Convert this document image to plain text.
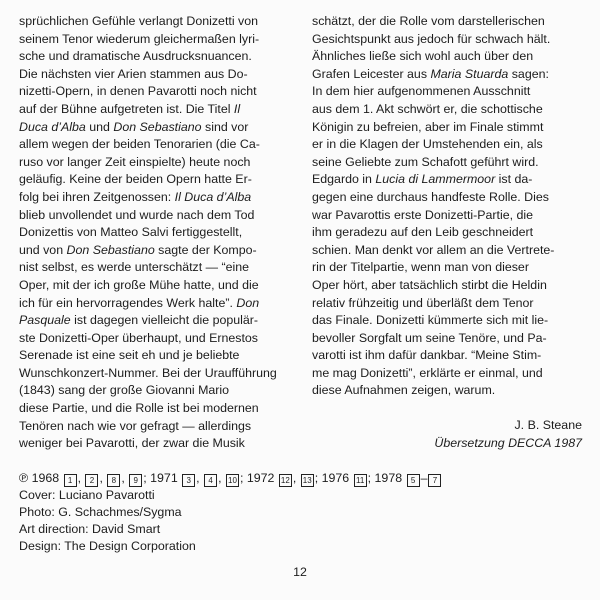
sprüchlichen Gefühle verlangt Donizetti von
seinem Tenor wiederum gleichermaßen lyri-
sche und dramatische Ausdrucksnuancen.
Die nächsten vier Arien stammen aus Do-
nizetti-Opern, in denen Pavarotti noch nicht
auf der Bühne aufgetreten ist. Die Titel Il
Duca d’Alba und Don Sebastiano sind vor
allem wegen der beiden Tenorarien (die Ca-
ruso vor langer Zeit einspielte) heute noch
geläufig. Keine der beiden Opern hatte Er-
folg bei ihren Zeitgenossen: Il Duca d’Alba
blieb unvollendet und wurde nach dem Tod
Donizettis von Matteo Salvi fertiggestellt,
und von Don Sebastiano sagte der Kompo-
nist selbst, es werde unterschätzt — “eine
Oper, mit der ich große Mühe hatte, und die
ich für ein hervorragendes Werk halte”. Don
Pasquale ist dagegen vielleicht die populär-
ste Donizetti-Oper überhaupt, und Ernestos
Serenade ist eine seit eh und je beliebte
Wunschkonzert-Nummer. Bei der Uraufführung
(1843) sang der große Giovanni Mario
diese Partie, und die Rolle ist bei modernen
Tenören nach wie vor gefragt — allerdings
weniger bei Pavarotti, der zwar die Musik
schätzt, der die Rolle vom darstellerischen
Gesichtspunkt aus jedoch für schwach hält.
Ähnliches ließe sich wohl auch über den
Grafen Leicester aus Maria Stuarda sagen:
In dem hier aufgenommenen Ausschnitt
aus dem 1. Akt schwört er, die schottische
Königin zu befreien, aber im Finale stimmt
er in die Klagen der Umstehenden ein, als
seine Geliebte zum Schafott geführt wird.
Edgardo in Lucia di Lammermoor ist da-
gegen eine durchaus handfeste Rolle. Dies
war Pavarottis erste Donizetti-Partie, die
ihm geradezu auf den Leib geschneidert
schien. Man denkt vor allem an die Vertrete-
rin der Titelpartie, wenn man von dieser
Oper hört, aber tatsächlich stirbt die Heldin
relativ frühzeitig und überläßt dem Tenor
das Finale. Donizetti kümmerte sich mit lie-
bevoller Sorgfalt um seine Tenöre, und Pa-
varotti ist ihm dafür dankbar. “Meine Stim-
me mag Donizetti”, erklärte er einmal, und
diese Aufnahmen zeigen, warum.
J. B. Steane
Übersetzung DECCA 1987
℗ 1968 1 , 2 , 8 , 9 ; 1971 3 , 4 , 10 ; 1972 12 , 13 ; 1976 11 ; 1978 5 – 7
Cover: Luciano Pavarotti
Photo: G. Schachmes/Sygma
Art direction: David Smart
Design: The Design Corporation
12
